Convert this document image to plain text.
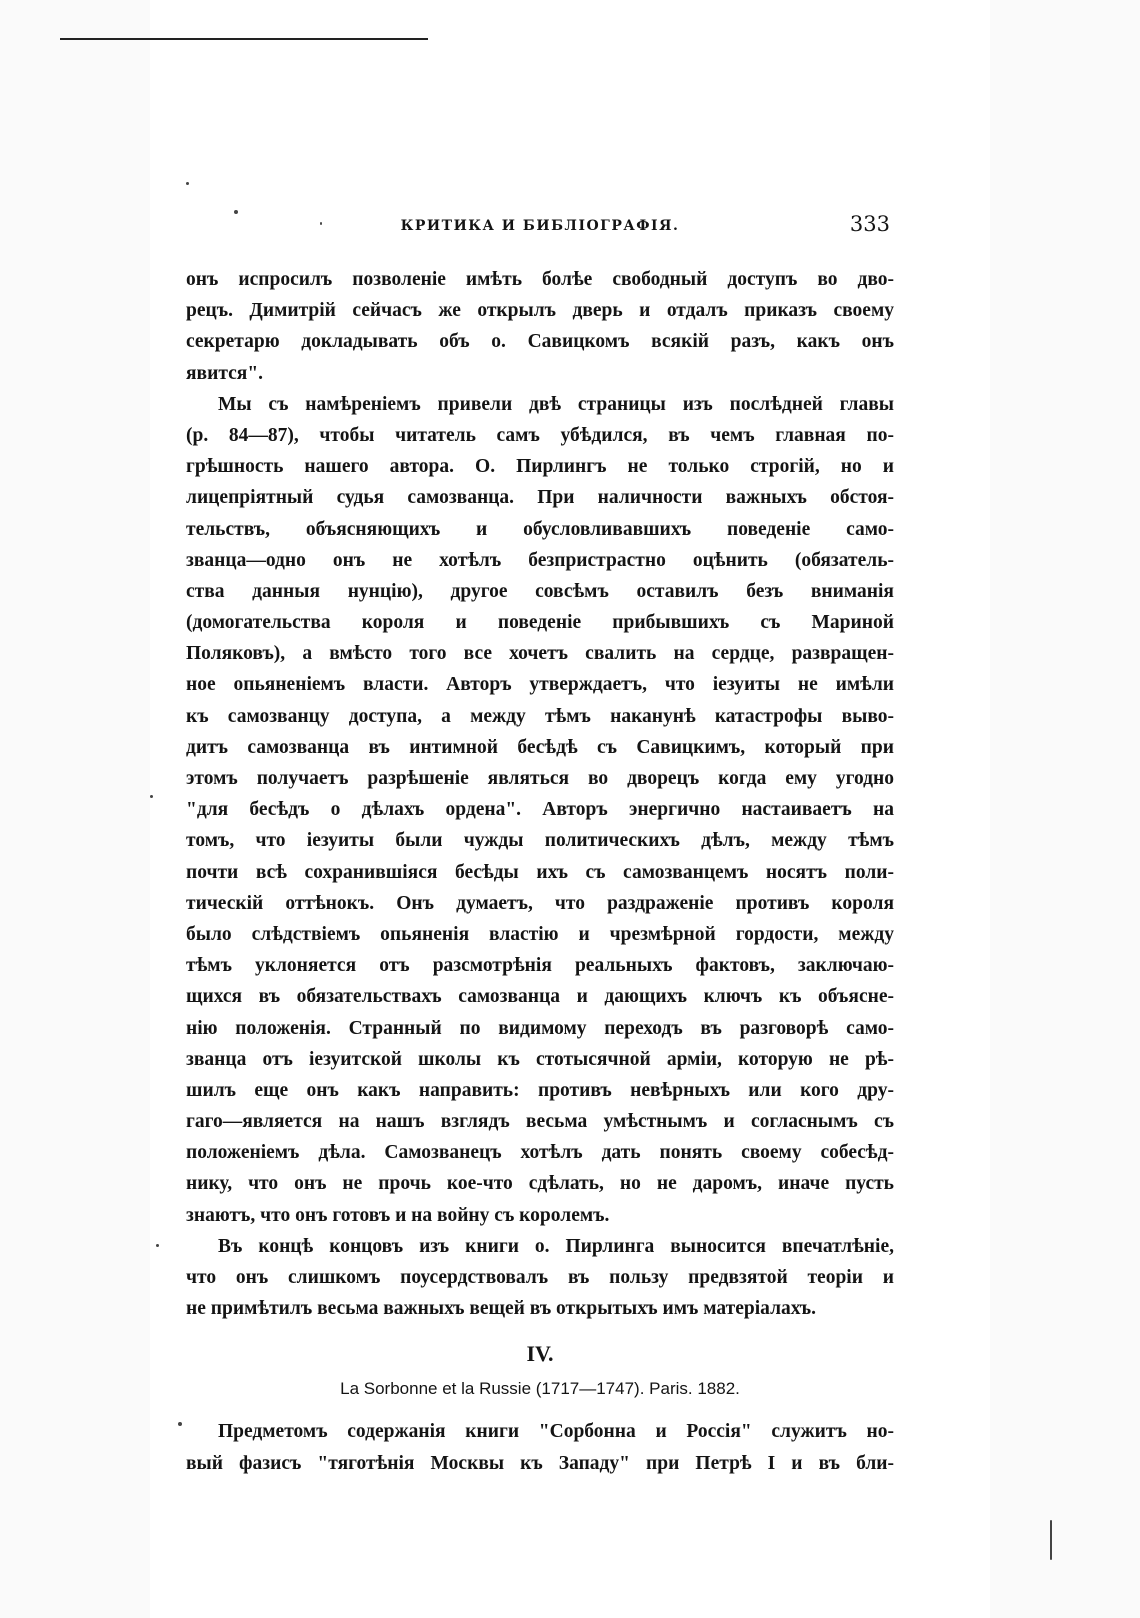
КРИТИКА И БИБЛІОГРАФІЯ.	333
онъ испросилъ позволеніе имѣть болѣе свободный доступъ во дво-
рецъ. Димитрій сейчасъ же открылъ дверь и отдалъ приказъ своему
секретарю докладывать объ о. Савицкомъ всякій разъ, какъ онъ
явится".
Мы съ намѣреніемъ привели двѣ страницы изъ послѣдней главы
(р. 84—87), чтобы читатель самъ убѣдился, въ чемъ главная по-
грѣшность нашего автора. О. Пирлингъ не только строгій, но и
лицепріятный судья самозванца. При наличности важныхъ обстоя-
тельствъ, объясняющихъ и обусловливавшихъ поведеніе само-
званца—одно онъ не хотѣлъ безпристрастно оцѣнить (обязатель-
ства данныя нунцію), другое совсѣмъ оставилъ безъ вниманія
(домогательства короля и поведеніе прибывшихъ съ Мариной
Поляковъ), а вмѣсто того все хочетъ свалить на сердце, развращен-
ное опьяненіемъ власти. Авторъ утверждаетъ, что іезуиты не имѣли
къ самозванцу доступа, а между тѣмъ наканунѣ катастрофы выво-
дитъ самозванца въ интимной бесѣдѣ съ Савицкимъ, который при
этомъ получаетъ разрѣшеніе являться во дворецъ когда ему угодно
"для бесѣдъ о дѣлахъ ордена". Авторъ энергично настаиваетъ на
томъ, что іезуиты были чужды политическихъ дѣлъ, между тѣмъ
почти всѣ сохранившіяся бесѣды ихъ съ самозванцемъ носятъ поли-
тическій оттѣнокъ. Онъ думаетъ, что раздраженіе противъ короля
было слѣдствіемъ опьяненія властію и чрезмѣрной гордости, между
тѣмъ уклоняется отъ разсмотрѣнія реальныхъ фактовъ, заключаю-
щихся въ обязательствахъ самозванца и дающихъ ключъ къ объясне-
нію положенія. Странный по видимому переходъ въ разговорѣ само-
званца отъ іезуитской школы къ стотысячной арміи, которую не рѣ-
шилъ еще онъ какъ направить: противъ невѣрныхъ или кого дру-
гаго—является на нашъ взглядъ весьма умѣстнымъ и согласнымъ съ
положеніемъ дѣла. Самозванецъ хотѣлъ дать понять своему собесѣд-
нику, что онъ не прочь кое-что сдѣлать, но не даромъ, иначе пусть
знаютъ, что онъ готовъ и на войну съ королемъ.
Въ концѣ концовъ изъ книги о. Пирлинга выносится впечатлѣніе,
что онъ слишкомъ поусердствовалъ въ пользу предвзятой теоріи и
не примѣтилъ весьма важныхъ вещей въ открытыхъ имъ матеріалахъ.
IV.
La Sorbonne et la Russie (1717—1747). Paris. 1882.
Предметомъ содержанія книги "Сорбонна и Россія" служитъ но-
вый фазисъ "тяготѣнія Москвы къ Западу" при Петрѣ I и въ бли-
